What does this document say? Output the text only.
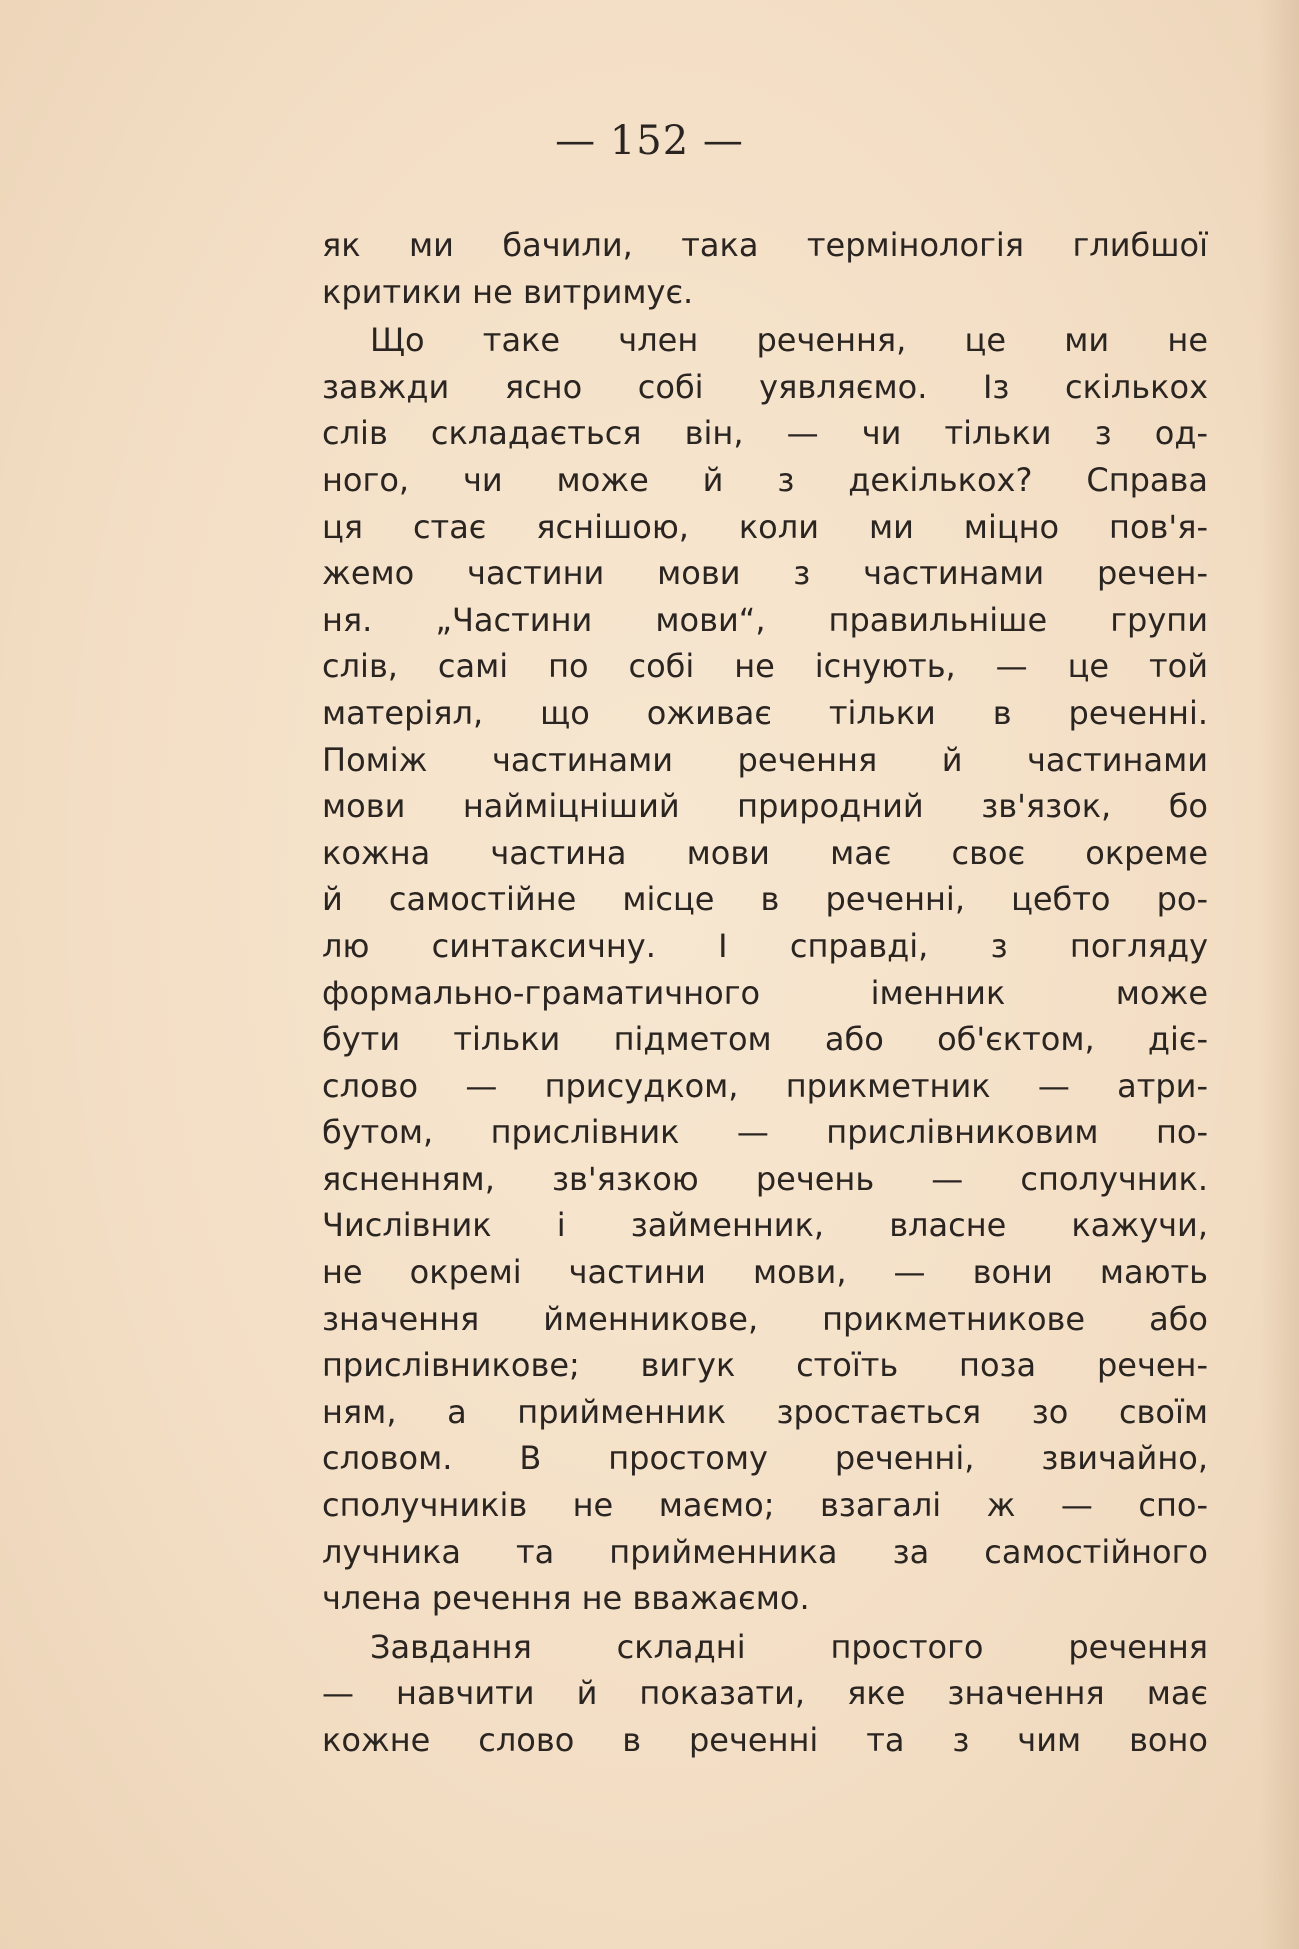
— 152 —
як ми бачили, така термінологія глибшої
критики не витримує.
Що таке член речення, це ми не
завжди ясно собі уявляємо. Із скількох
слів складається він, — чи тільки з од-
ного, чи може й з декількох? Справа
ця стає яснішою, коли ми міцно пов'я-
жемо частини мови з частинами речен-
ня. „Частини мови“, правильніше групи
слів, самі по собі не існують, — це той
матеріял, що оживає тільки в реченні.
Поміж частинами речення й частинами
мови найміцніший природний зв'язок, бо
кожна частина мови має своє окреме
й самостійне місце в реченні, цебто ро-
лю синтаксичну. І справді, з погляду
формально-граматичного іменник може
бути тільки підметом або об'єктом, діє-
слово — присудком, прикметник — атри-
бутом, прислівник — прислівниковим по-
ясненням, зв'язкою речень — сполучник.
Числівник і займенник, власне кажучи,
не окремі частини мови, — вони мають
значення йменникове, прикметникове або
прислівникове; вигук стоїть поза речен-
ням, а прийменник зростається зо своїм
словом. В простому реченні, звичайно,
сполучників не маємо; взагалі ж — спо-
лучника та прийменника за самостійного
члена речення не вважаємо.
Завдання складні простого речення
— навчити й показати, яке значення має
кожне слово в реченні та з чим воно
